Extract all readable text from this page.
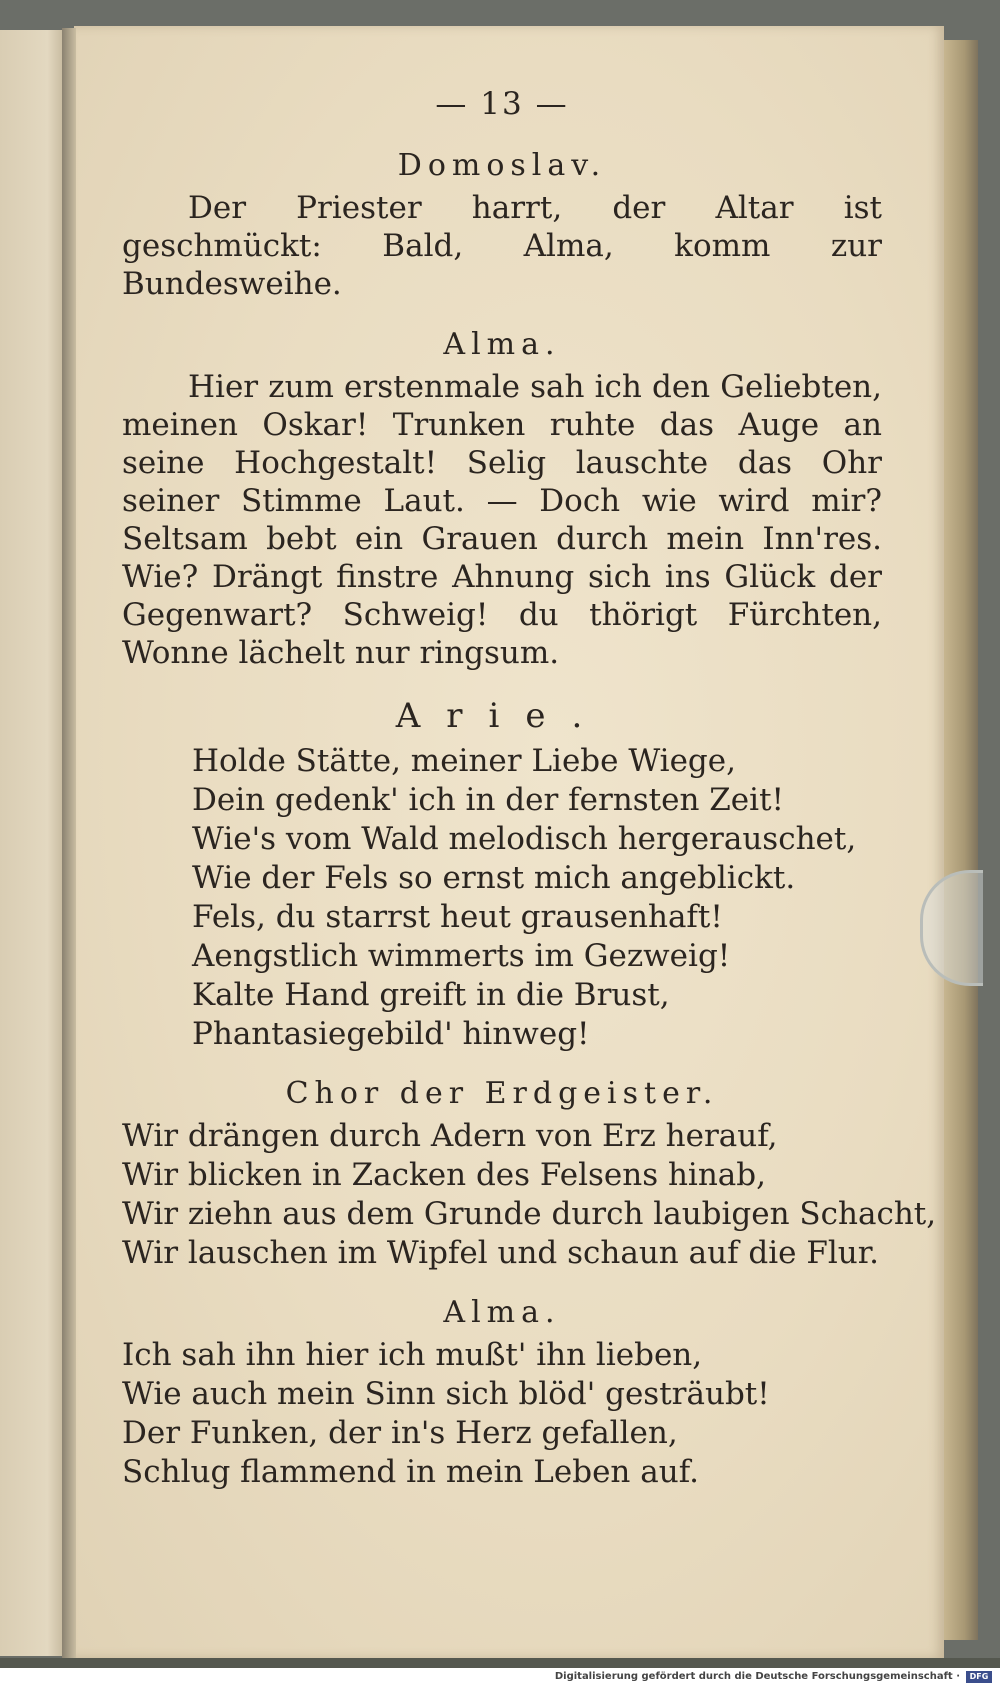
— 13 —
Domoslav.

Der Priester harrt, der Altar ist geschmückt: Bald, Alma, komm zur Bundesweihe.

Alma.

Hier zum erstenmale sah ich den Geliebten, meinen Oskar! Trunken ruhte das Auge an seine Hochgestalt! Selig lauschte das Ohr seiner Stimme Laut. — Doch wie wird mir? Seltsam bebt ein Grauen durch mein Inn'res. Wie? Drängt finstre Ahnung sich ins Glück der Gegenwart? Schweig! du thörigt Fürchten, Wonne lächelt nur ringsum.

Arie.
Holde Stätte, meiner Liebe Wiege,
Dein gedenk' ich in der fernsten Zeit!
Wie's vom Wald melodisch hergerauschet,
Wie der Fels so ernst mich angeblickt.
Fels, du starrst heut grausenhaft!
Aengstlich wimmerts im Gezweig!
Kalte Hand greift in die Brust,
Phantasiegebild' hinweg!
Chor der Erdgeister.
Wir drängen durch Adern von Erz herauf,
Wir blicken in Zacken des Felsens hinab,
Wir ziehn aus dem Grunde durch laubigen Schacht,
Wir lauschen im Wipfel und schaun auf die Flur.
Alma.
Ich sah ihn hier ich mußt' ihn lieben,
Wie auch mein Sinn sich blöd' gesträubt!
Der Funken, der in's Herz gefallen,
Schlug flammend in mein Leben auf.
Digitalisierung gefördert durch die Deutsche Forschungsgemeinschaft ·	DFG
